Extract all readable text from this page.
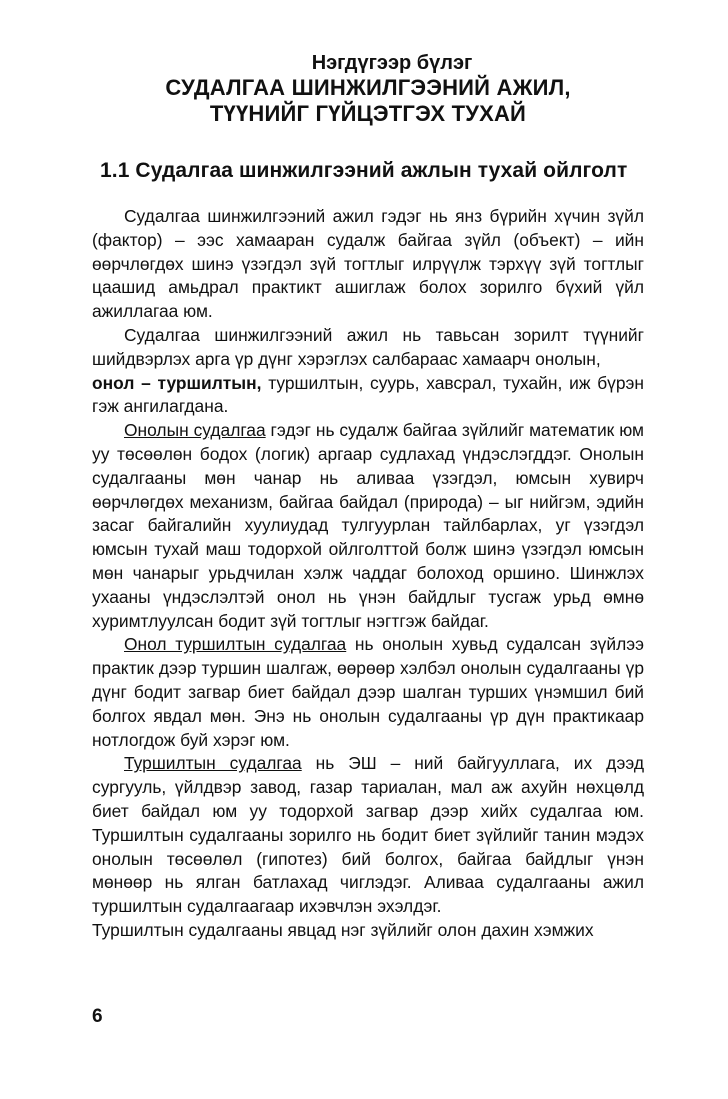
Нэгдүгээр бүлэг
СУДАЛГАА ШИНЖИЛГЭЭНИЙ АЖИЛ,
ТҮҮНИЙГ ГҮЙЦЭТГЭХ ТУХАЙ
1.1 Судалгаа шинжилгээний ажлын тухай ойлголт

Судалгаа шинжилгээний ажил гэдэг нь янз бүрийн хүчин зүйл (фактор) – ээс хамааран судалж байгаа зүйл (объект) – ийн өөрчлөгдөх шинэ үзэгдэл зүй тогтлыг илрүүлж тэрхүү зүй тогтлыг цаашид амьдрал практикт ашиглаж болох зорилго бүхий үйл ажиллагаа юм.

Судалгаа шинжилгээний ажил нь тавьсан зорилт түүнийг шийдвэрлэх арга үр дүнг хэрэглэх салбараас хамаарч онолын,
онол – туршилтын, туршилтын, суурь, хавсрал, тухайн, иж бүрэн гэж ангилагдана.

Онолын судалгаа гэдэг нь судалж байгаа зүйлийг математик юм уу төсөөлөн бодох (логик) аргаар судлахад үндэслэгддэг. Онолын судалгааны мөн чанар нь аливаа үзэгдэл, юмсын хувирч өөрчлөгдөх механизм, байгаа байдал (природа) – ыг нийгэм, эдийн засаг байгалийн хуулиудад тулгуурлан тайлбарлах, уг үзэгдэл юмсын тухай маш тодорхой ойлголттой болж шинэ үзэгдэл юмсын мөн чанарыг урьдчилан хэлж чаддаг болоход оршино. Шинжлэх ухааны үндэслэлтэй онол нь үнэн байдлыг тусгаж урьд өмнө хуримтлуулсан бодит зүй тогтлыг нэгтгэж байдаг.

Онол туршилтын судалгаа нь онолын хувьд судалсан зүйлээ практик дээр туршин шалгаж, өөрөөр хэлбэл онолын судалгааны үр дүнг бодит загвар биет байдал дээр шалган турших үнэмшил бий болгох явдал мөн. Энэ нь онолын судалгааны үр дүн практикаар нотлогдож буй хэрэг юм.

Туршилтын судалгаа нь ЭШ – ний байгууллага, их дээд сургууль, үйлдвэр завод, газар тариалан, мал аж ахуйн нөхцөлд биет байдал юм уу тодорхой загвар дээр хийх судалгаа юм. Туршилтын судалгааны зорилго нь бодит биет зүйлийг танин мэдэх онолын төсөөлөл (гипотез) бий болгох, байгаа байдлыг үнэн мөнөөр нь ялган батлахад чиглэдэг. Аливаа судалгааны ажил туршилтын судалгаагаар ихэвчлэн эхэлдэг.

Туршилтын судалгааны явцад нэг зүйлийг олон дахин хэмжих

6
